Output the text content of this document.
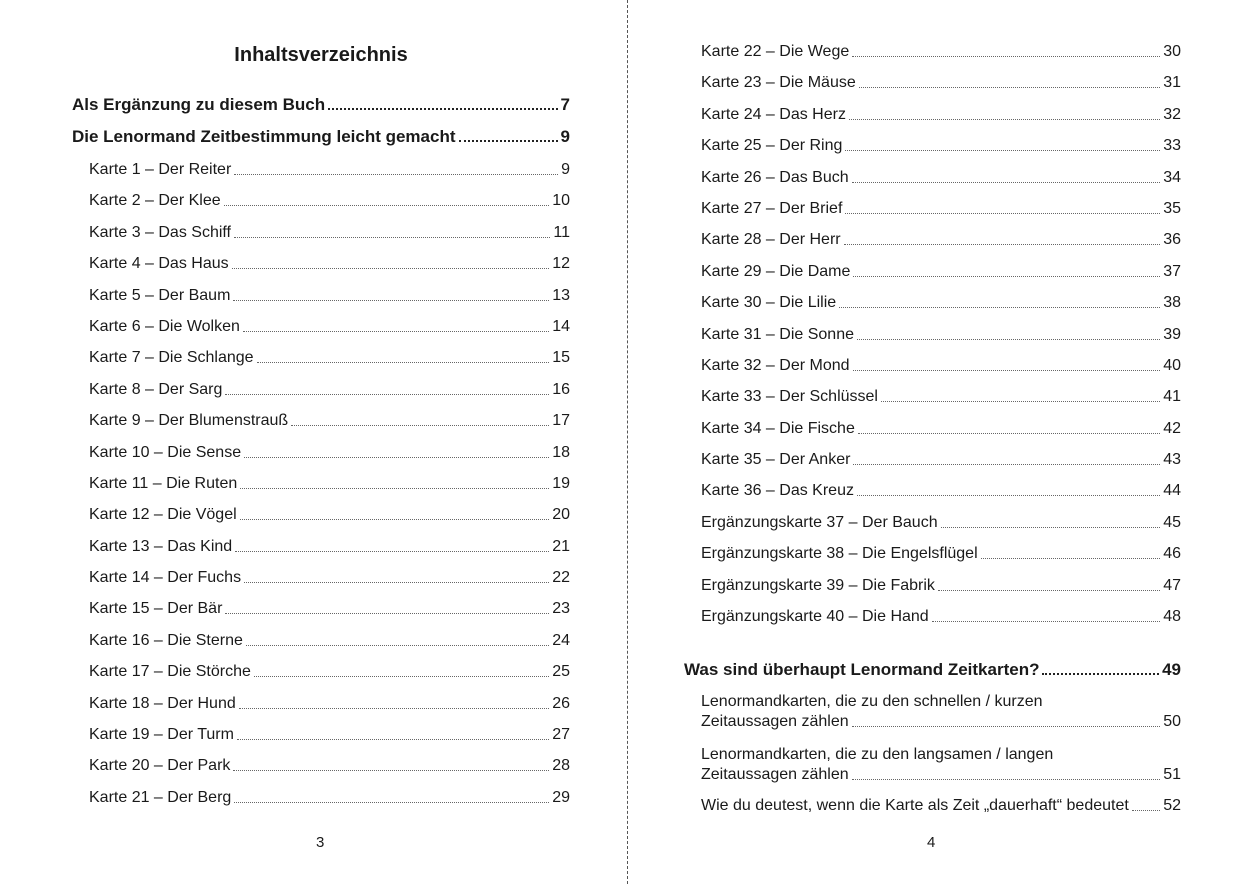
Inhaltsverzeichnis
Als Ergänzung zu diesem Buch	7
Die Lenormand Zeitbestimmung leicht gemacht	9
Karte 1 – Der Reiter	9
Karte 2 – Der Klee	10
Karte 3 – Das Schiff	11
Karte 4 – Das Haus	12
Karte 5 – Der Baum	13
Karte 6 – Die Wolken	14
Karte 7 – Die Schlange	15
Karte 8 – Der Sarg	16
Karte 9 – Der Blumenstrauß	17
Karte 10 – Die Sense	18
Karte 11 – Die Ruten	19
Karte 12 – Die Vögel	20
Karte 13 – Das Kind	21
Karte 14 – Der Fuchs	22
Karte 15 – Der Bär	23
Karte 16 – Die Sterne	24
Karte 17 – Die Störche	25
Karte 18 – Der Hund	26
Karte 19 – Der Turm	27
Karte 20 – Der Park	28
Karte 21 – Der Berg	29
Karte 22 – Die Wege	30
Karte 23 – Die Mäuse	31
Karte 24 – Das Herz	32
Karte 25 – Der Ring	33
Karte 26 – Das Buch	34
Karte 27 – Der Brief	35
Karte 28 – Der Herr	36
Karte 29 – Die Dame	37
Karte 30 – Die Lilie	38
Karte 31 – Die Sonne	39
Karte 32 – Der Mond	40
Karte 33 – Der Schlüssel	41
Karte 34 – Die Fische	42
Karte 35 – Der Anker	43
Karte 36 – Das Kreuz	44
Ergänzungskarte 37 – Der Bauch	45
Ergänzungskarte 38 – Die Engelsflügel	46
Ergänzungskarte 39 – Die Fabrik	47
Ergänzungskarte 40 – Die Hand	48
Was sind überhaupt Lenormand Zeitkarten?	49
Lenormandkarten, die zu den schnellen / kurzen
Zeitaussagen zählen	50
Lenormandkarten, die zu den langsamen / langen
Zeitaussagen zählen	51
Wie du deutest, wenn die Karte als Zeit „dauerhaft“ bedeutet 52
3	4
